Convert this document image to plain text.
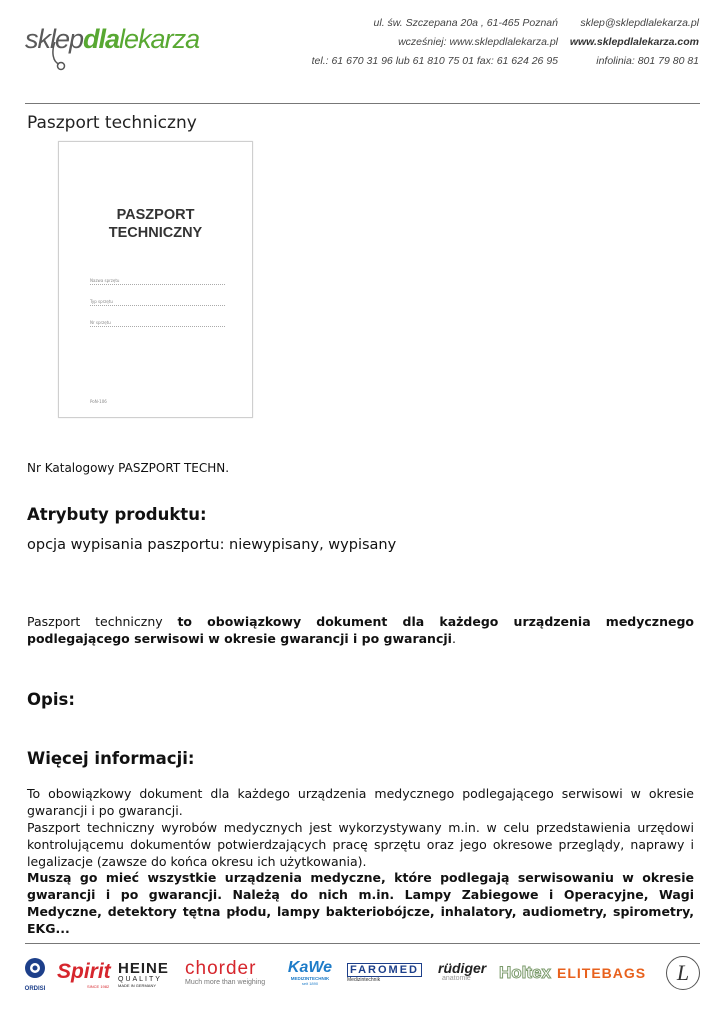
sklepdlalekarza
ul. św. Szczepana 20a , 61-465 Poznań
wcześniej: www.sklepdlalekarza.pl
tel.: 61 670 31 96 lub 61 810 75 01 fax: 61 624 26 95
sklep@sklepdlalekarza.pl
www.sklepdlalekarza.com
infolinia: 801 79 80 81
Paszport techniczny
PASZPORT
TECHNICZNY
Nazwa sprzętu
Typ sprzętu
Nr sprzętu
PoN-106
Nr Katalogowy PASZPORT TECHN.
Atrybuty produktu:
opcja wypisania paszportu: niewypisany, wypisany

Paszport techniczny to obowiązkowy dokument dla każdego urządzenia medycznego podlegającego serwisowi w okresie gwarancji i po gwarancji.

Opis:
Więcej informacji:

To obowiązkowy dokument dla każdego urządzenia medycznego podlegającego serwisowi w okresie gwarancji i po gwarancji.

Paszport techniczny wyrobów medycznych jest wykorzystywany m.in. w celu przedstawienia urzędowi kontrolującemu dokumentów potwierdzających pracę sprzętu oraz jego okresowe przeglądy, naprawy i legalizacje (zawsze do końca okresu ich użytkowania).

Muszą go mieć wszystkie urządzenia medyczne, które podlegają serwisowaniu w okresie gwarancji i po gwarancji. Należą do nich m.in. Lampy Zabiegowe i Operacyjne, Wagi Medyczne, detektory tętna płodu, lampy bakteriobójcze, inhalatory, audiometry, spirometry, EKG...

ORDISI
Spirit
SINCE 1982
HEINE
QUALITY
MADE IN GERMANY
chorder
Much more than weighing
KaWe
MEDIZINTECHNIK
seit 1890
FAROMED
Medizintechnik
rüdiger
anatomie	Holtex ELITEBAGS	L
